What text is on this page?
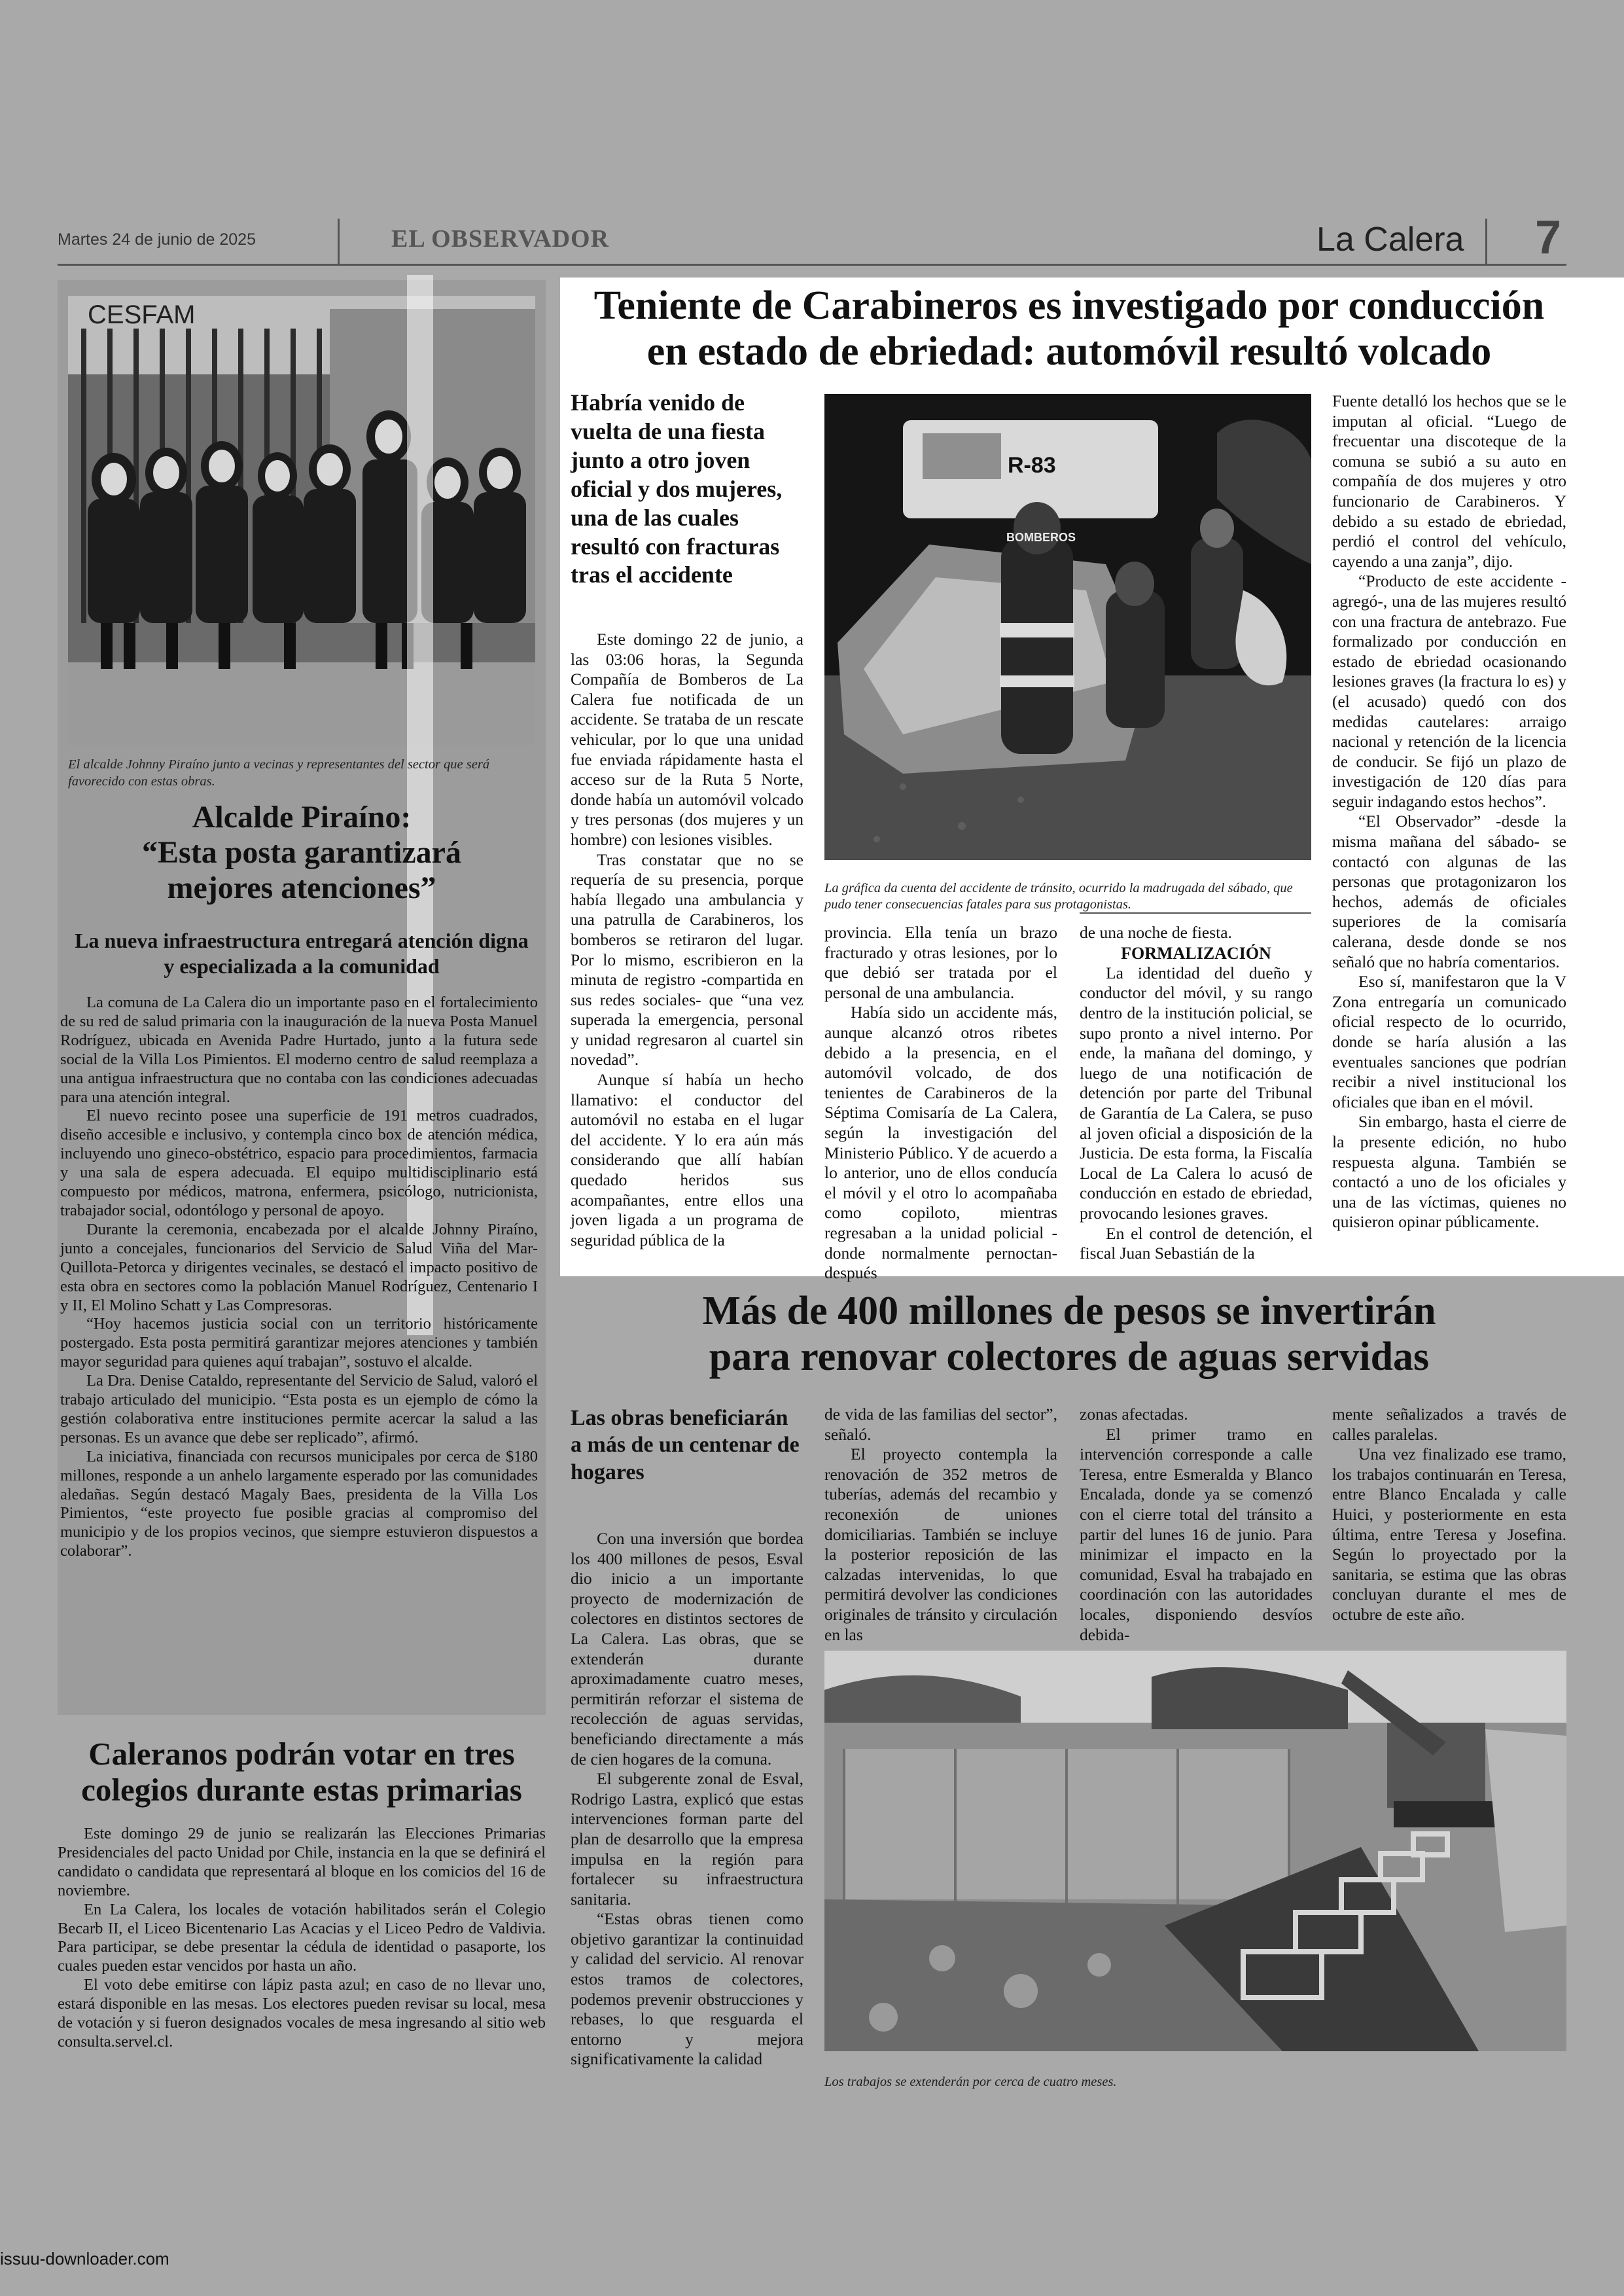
Martes 24 de junio de 2025	EL OBSERVADOR	La Calera 7
CESFAM
El alcalde Johnny Piraíno junto a vecinas y representantes del sector que será favorecido con estas obras.

Alcalde Piraíno:

“Esta posta garantizará

mejores atenciones”

La nueva infraestructura entregará atención digna y especializada a la comunidad

La comuna de La Calera dio un importante paso en el fortalecimiento de su red de salud primaria con la inauguración de la nueva Posta Manuel Rodríguez, ubicada en Avenida Padre Hurtado, junto a la futura sede social de la Villa Los Pimientos. El moderno centro de salud reemplaza a una antigua infraestructura que no contaba con las condiciones adecuadas para una atención integral.

El nuevo recinto posee una superficie de 191 metros cuadrados, diseño accesible e inclusivo, y contempla cinco box de atención médica, incluyendo uno gineco-obstétrico, espacio para procedimientos, farmacia y una sala de espera adecuada. El equipo multidisciplinario está compuesto por médicos, matrona, enfermera, psicólogo, nutricionista, trabajador social, odontólogo y personal de apoyo.

Durante la ceremonia, encabezada por el alcalde Johnny Piraíno, junto a concejales, funcionarios del Servicio de Salud Viña del Mar-Quillota-Petorca y dirigentes vecinales, se destacó el impacto positivo de esta obra en sectores como la población Manuel Rodríguez, Centenario I y II, El Molino Schatt y Las Compresoras.

“Hoy hacemos justicia social con un territorio históricamente postergado. Esta posta permitirá garantizar mejores atenciones y también mayor seguridad para quienes aquí trabajan”, sostuvo el alcalde.

La Dra. Denise Cataldo, representante del Servicio de Salud, valoró el trabajo articulado del municipio. “Esta posta es un ejemplo de cómo la gestión colaborativa entre instituciones permite acercar la salud a las personas. Es un avance que debe ser replicado”, afirmó.

La iniciativa, financiada con recursos municipales por cerca de $180 millones, responde a un anhelo largamente esperado por las comunidades aledañas. Según destacó Magaly Baes, presidenta de la Villa Los Pimientos, “este proyecto fue posible gracias al compromiso del municipio y de los propios vecinos, que siempre estuvieron dispuestos a colaborar”.

Caleranos podrán votar en tres

colegios durante estas primarias

Este domingo 29 de junio se realizarán las Elecciones Primarias Presidenciales del pacto Unidad por Chile, instancia en la que se definirá el candidato o candidata que representará al bloque en los comicios del 16 de noviembre.

En La Calera, los locales de votación habilitados serán el Colegio Becarb II, el Liceo Bicentenario Las Acacias y el Liceo Pedro de Valdivia. Para participar, se debe presentar la cédula de identidad o pasaporte, los cuales pueden estar vencidos por hasta un año.

El voto debe emitirse con lápiz pasta azul; en caso de no llevar uno, estará disponible en las mesas. Los electores pueden revisar su local, mesa de votación y si fueron designados vocales de mesa ingresando al sitio web consulta.servel.cl.

Teniente de Carabineros es investigado por conducción

en estado de ebriedad: automóvil resultó volcado

Habría venido de vuelta de una fiesta junto a otro joven oficial y dos mujeres, una de las cuales resultó con fracturas tras el accidente

R-83
BOMBEROS

La gráfica da cuenta del accidente de tránsito, ocurrido la madrugada del sábado, que pudo tener consecuencias fatales para sus protagonistas.

Este domingo 22 de junio, a las 03:06 horas, la Segunda Compañía de Bomberos de La Calera fue notificada de un accidente. Se trataba de un rescate vehicular, por lo que una unidad fue enviada rápidamente hasta el acceso sur de la Ruta 5 Norte, donde había un automóvil volcado y tres personas (dos mujeres y un hombre) con lesiones visibles.

Tras constatar que no se requería de su presencia, porque había llegado una ambulancia y una patrulla de Carabineros, los bomberos se retiraron del lugar. Por lo mismo, escribieron en la minuta de registro -compartida en sus redes sociales- que “una vez superada la emergencia, personal y unidad regresaron al cuartel sin novedad”.

Aunque sí había un hecho llamativo: el conductor del automóvil no estaba en el lugar del accidente. Y lo era aún más considerando que allí habían quedado heridos sus acompañantes, entre ellos una joven ligada a un programa de seguridad pública de la

provincia. Ella tenía un brazo fracturado y otras lesiones, por lo que debió ser tratada por el personal de una ambulancia.

Había sido un accidente más, aunque alcanzó otros ribetes debido a la presencia, en el automóvil volcado, de dos tenientes de Carabineros de la Séptima Comisaría de La Calera, según la investigación del Ministerio Público. Y de acuerdo a lo anterior, uno de ellos conducía el móvil y el otro lo acompañaba como copiloto, mientras regresaban a la unidad policial -donde normalmente pernoctan- después

de una noche de fiesta.

FORMALIZACIÓN

La identidad del dueño y conductor del móvil, y su rango dentro de la institución policial, se supo pronto a nivel interno. Por ende, la mañana del domingo, y luego de una notificación de detención por parte del Tribunal de Garantía de La Calera, se puso al joven oficial a disposición de la Justicia. De esta forma, la Fiscalía Local de La Calera lo acusó de conducción en estado de ebriedad, provocando lesiones graves.

En el control de detención, el fiscal Juan Sebastián de la

Fuente detalló los hechos que se le imputan al oficial. “Luego de frecuentar una discoteque de la comuna se subió a su auto en compañía de dos mujeres y otro funcionario de Carabineros. Y debido a su estado de ebriedad, perdió el control del vehículo, cayendo a una zanja”, dijo.

“Producto de este accidente -agregó-, una de las mujeres resultó con una fractura de antebrazo. Fue formalizado por conducción en estado de ebriedad ocasionando lesiones graves (la fractura lo es) y (el acusado) quedó con dos medidas cautelares: arraigo nacional y retención de la licencia de conducir. Se fijó un plazo de investigación de 120 días para seguir indagando estos hechos”.

“El Observador” -desde la misma mañana del sábado- se contactó con algunas de las personas que protagonizaron los hechos, además de oficiales superiores de la comisaría calerana, desde donde se nos señaló que no habría comentarios.

Eso sí, manifestaron que la V Zona entregaría un comunicado oficial respecto de lo ocurrido, donde se haría alusión a las eventuales sanciones que podrían recibir a nivel institucional los oficiales que iban en el móvil.

Sin embargo, hasta el cierre de la presente edición, no hubo respuesta alguna. También se contactó a uno de los oficiales y una de las víctimas, quienes no quisieron opinar públicamente.

Más de 400 millones de pesos se invertirán

para renovar colectores de aguas servidas

Las obras beneficiarán a más de un centenar de hogares

Con una inversión que bordea los 400 millones de pesos, Esval dio inicio a un importante proyecto de modernización de colectores en distintos sectores de La Calera. Las obras, que se extenderán durante aproximadamente cuatro meses, permitirán reforzar el sistema de recolección de aguas servidas, beneficiando directamente a más de cien hogares de la comuna.

El subgerente zonal de Esval, Rodrigo Lastra, explicó que estas intervenciones forman parte del plan de desarrollo que la empresa impulsa en la región para fortalecer su infraestructura sanitaria.

“Estas obras tienen como objetivo garantizar la continuidad y calidad del servicio. Al renovar estos tramos de colectores, podemos prevenir obstrucciones y rebases, lo que resguarda el entorno y mejora significativamente la calidad

de vida de las familias del sector”, señaló.

El proyecto contempla la renovación de 352 metros de tuberías, además del recambio y reconexión de uniones domiciliarias. También se incluye la posterior reposición de las calzadas intervenidas, lo que permitirá devolver las condiciones originales de tránsito y circulación en las

zonas afectadas.

El primer tramo en intervención corresponde a calle Teresa, entre Esmeralda y Blanco Encalada, donde ya se comenzó con el cierre total del tránsito a partir del lunes 16 de junio. Para minimizar el impacto en la comunidad, Esval ha trabajado en coordinación con las autoridades locales, disponiendo desvíos debida-

mente señalizados a través de calles paralelas.

Una vez finalizado ese tramo, los trabajos continuarán en Teresa, entre Blanco Encalada y calle Huici, y posteriormente en esta última, entre Teresa y Josefina. Según lo proyectado por la sanitaria, se estima que las obras concluyan durante el mes de octubre de este año.

Los trabajos se extenderán por cerca de cuatro meses.

issuu-downloader.com
